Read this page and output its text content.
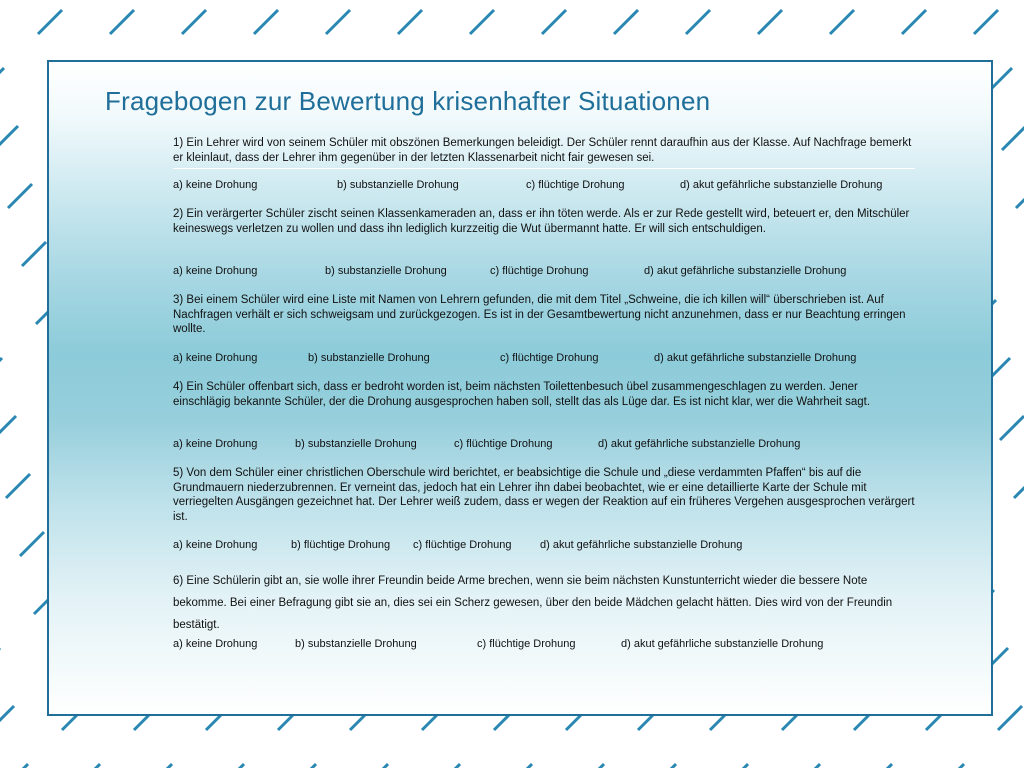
Fragebogen zur Bewertung krisenhafter Situationen

1) Ein Lehrer wird von seinem Schüler mit obszönen Bemerkungen beleidigt. Der Schüler rennt daraufhin aus der Klasse. Auf Nachfrage bemerkt er kleinlaut, dass der Lehrer ihm gegenüber in der letzten Klassenarbeit nicht fair gewesen sei.

a) keine Drohung	b) substanzielle Drohung	c) flüchtige Drohung	d) akut gefährliche substanzielle Drohung

2) Ein verärgerter Schüler zischt seinen Klassenkameraden an, dass er ihn töten werde. Als er zur Rede gestellt wird, beteuert er, den Mitschüler keineswegs verletzen zu wollen und dass ihn lediglich kurzzeitig die Wut übermannt hatte. Er will sich entschuldigen.

a) keine Drohung	b) substanzielle Drohung	c) flüchtige Drohung	d) akut gefährliche substanzielle Drohung

3) Bei einem Schüler wird eine Liste mit Namen von Lehrern gefunden, die mit dem Titel „Schweine, die ich killen will“ überschrieben ist. Auf Nachfragen verhält er sich schweigsam und zurückgezogen. Es ist in der Gesamtbewertung nicht anzunehmen, dass er nur Beachtung erringen wollte.

a) keine Drohung	b) substanzielle Drohung	c) flüchtige Drohung	d) akut gefährliche substanzielle Drohung

4) Ein Schüler offenbart sich, dass er bedroht worden ist, beim nächsten Toilettenbesuch übel zusammengeschlagen zu werden. Jener einschlägig bekannte Schüler, der die Drohung ausgesprochen haben soll, stellt das als Lüge dar. Es ist nicht klar, wer die Wahrheit sagt.

a) keine Drohung	b) substanzielle Drohung	c) flüchtige Drohung	d) akut gefährliche substanzielle Drohung

5) Von dem Schüler einer christlichen Oberschule wird berichtet, er beabsichtige die Schule und „diese verdammten Pfaffen“ bis auf die Grundmauern niederzubrennen. Er verneint das, jedoch hat ein Lehrer ihn dabei beobachtet, wie er eine detaillierte Karte der Schule mit verriegelten Ausgängen gezeichnet hat. Der Lehrer weiß zudem, dass er wegen der Reaktion auf ein früheres Vergehen ausgesprochen verärgert ist.

a) keine Drohung	b) flüchtige Drohung c) flüchtige Drohung	d) akut gefährliche substanzielle Drohung

6) Eine Schülerin gibt an, sie wolle ihrer Freundin beide Arme brechen, wenn sie beim nächsten Kunstunterricht wieder die bessere Note bekomme. Bei einer Befragung gibt sie an, dies sei ein Scherz gewesen, über den beide Mädchen gelacht hätten. Dies wird von der Freundin bestätigt.

a) keine Drohung	b) substanzielle Drohung	c) flüchtige Drohung	d) akut gefährliche substanzielle Drohung
